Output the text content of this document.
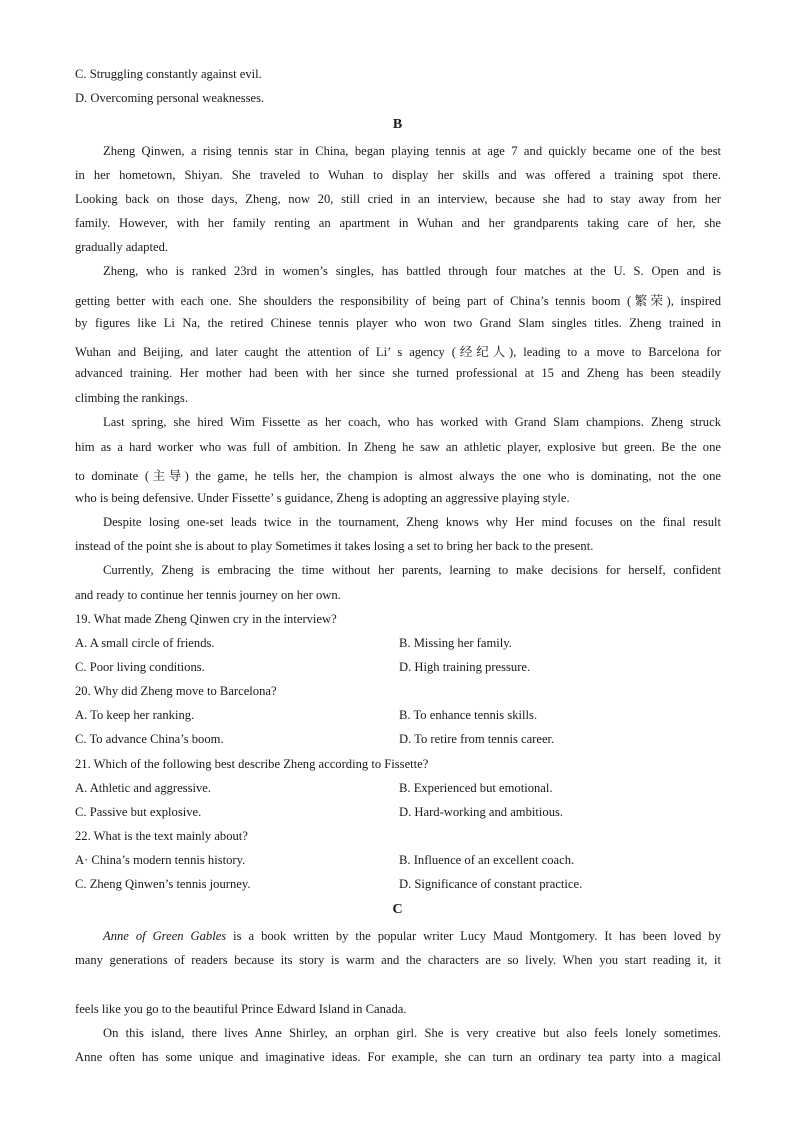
C. Struggling constantly against evil.
D. Overcoming personal weaknesses.
B
Zheng Qinwen, a rising tennis star in China, began playing tennis at age 7 and quickly became one of the best
in her hometown, Shiyan. She traveled to Wuhan to display her skills and was offered a training spot there.
Looking back on those days, Zheng, now 20, still cried in an interview, because she had to stay away from her
family. However, with her family renting an apartment in Wuhan and her grandparents taking care of her, she
gradually adapted.
Zheng, who is ranked 23rd in women’s singles, has battled through four matches at the U. S. Open and is
getting better with each one. She shoulders the responsibility of being part of China’s tennis boom (繁荣), inspired
by figures like Li Na, the retired Chinese tennis player who won two Grand Slam singles titles. Zheng trained in
Wuhan and Beijing, and later caught the attention of Li’ s agency (经纪人), leading to a move to Barcelona for
advanced training. Her mother had been with her since she turned professional at 15 and Zheng has been steadily
climbing the rankings.
Last spring, she hired Wim Fissette as her coach, who has worked with Grand Slam champions. Zheng struck
him as a hard worker who was full of ambition. In Zheng he saw an athletic player, explosive but green. Be the one
to dominate (主导) the game, he tells her, the champion is almost always the one who is dominating, not the one
who is being defensive. Under Fissette’ s guidance, Zheng is adopting an aggressive playing style.
Despite losing one-set leads twice in the tournament, Zheng knows why Her mind focuses on the final result
instead of the point she is about to play Sometimes it takes losing a set to bring her back to the present.
Currently, Zheng is embracing the time without her parents, learning to make decisions for herself, confident
and ready to continue her tennis journey on her own.
19. What made Zheng Qinwen cry in the interview?
A. A small circle of friends.	B. Missing her family.
C. Poor living conditions.	D. High training pressure.
20. Why did Zheng move to Barcelona?
A. To keep her ranking.	B. To enhance tennis skills.
C. To advance China’s boom.	D. To retire from tennis career.
21. Which of the following best describe Zheng according to Fissette?
A. Athletic and aggressive.	B. Experienced but emotional.
C. Passive but explosive.	D. Hard-working and ambitious.
22. What is the text mainly about?
A· China’s modern tennis history.	B. Influence of an excellent coach.
C. Zheng Qinwen’s tennis journey.	D. Significance of constant practice.
C
Anne of Green Gables is a book written by the popular writer Lucy Maud Montgomery. It has been loved by
many generations of readers because its story is warm and the characters are so lively. When you start reading it, it
feels like you go to the beautiful Prince Edward Island in Canada.
On this island, there lives Anne Shirley, an orphan girl. She is very creative but also feels lonely sometimes.
Anne often has some unique and imaginative ideas. For example, she can turn an ordinary tea party into a magical
